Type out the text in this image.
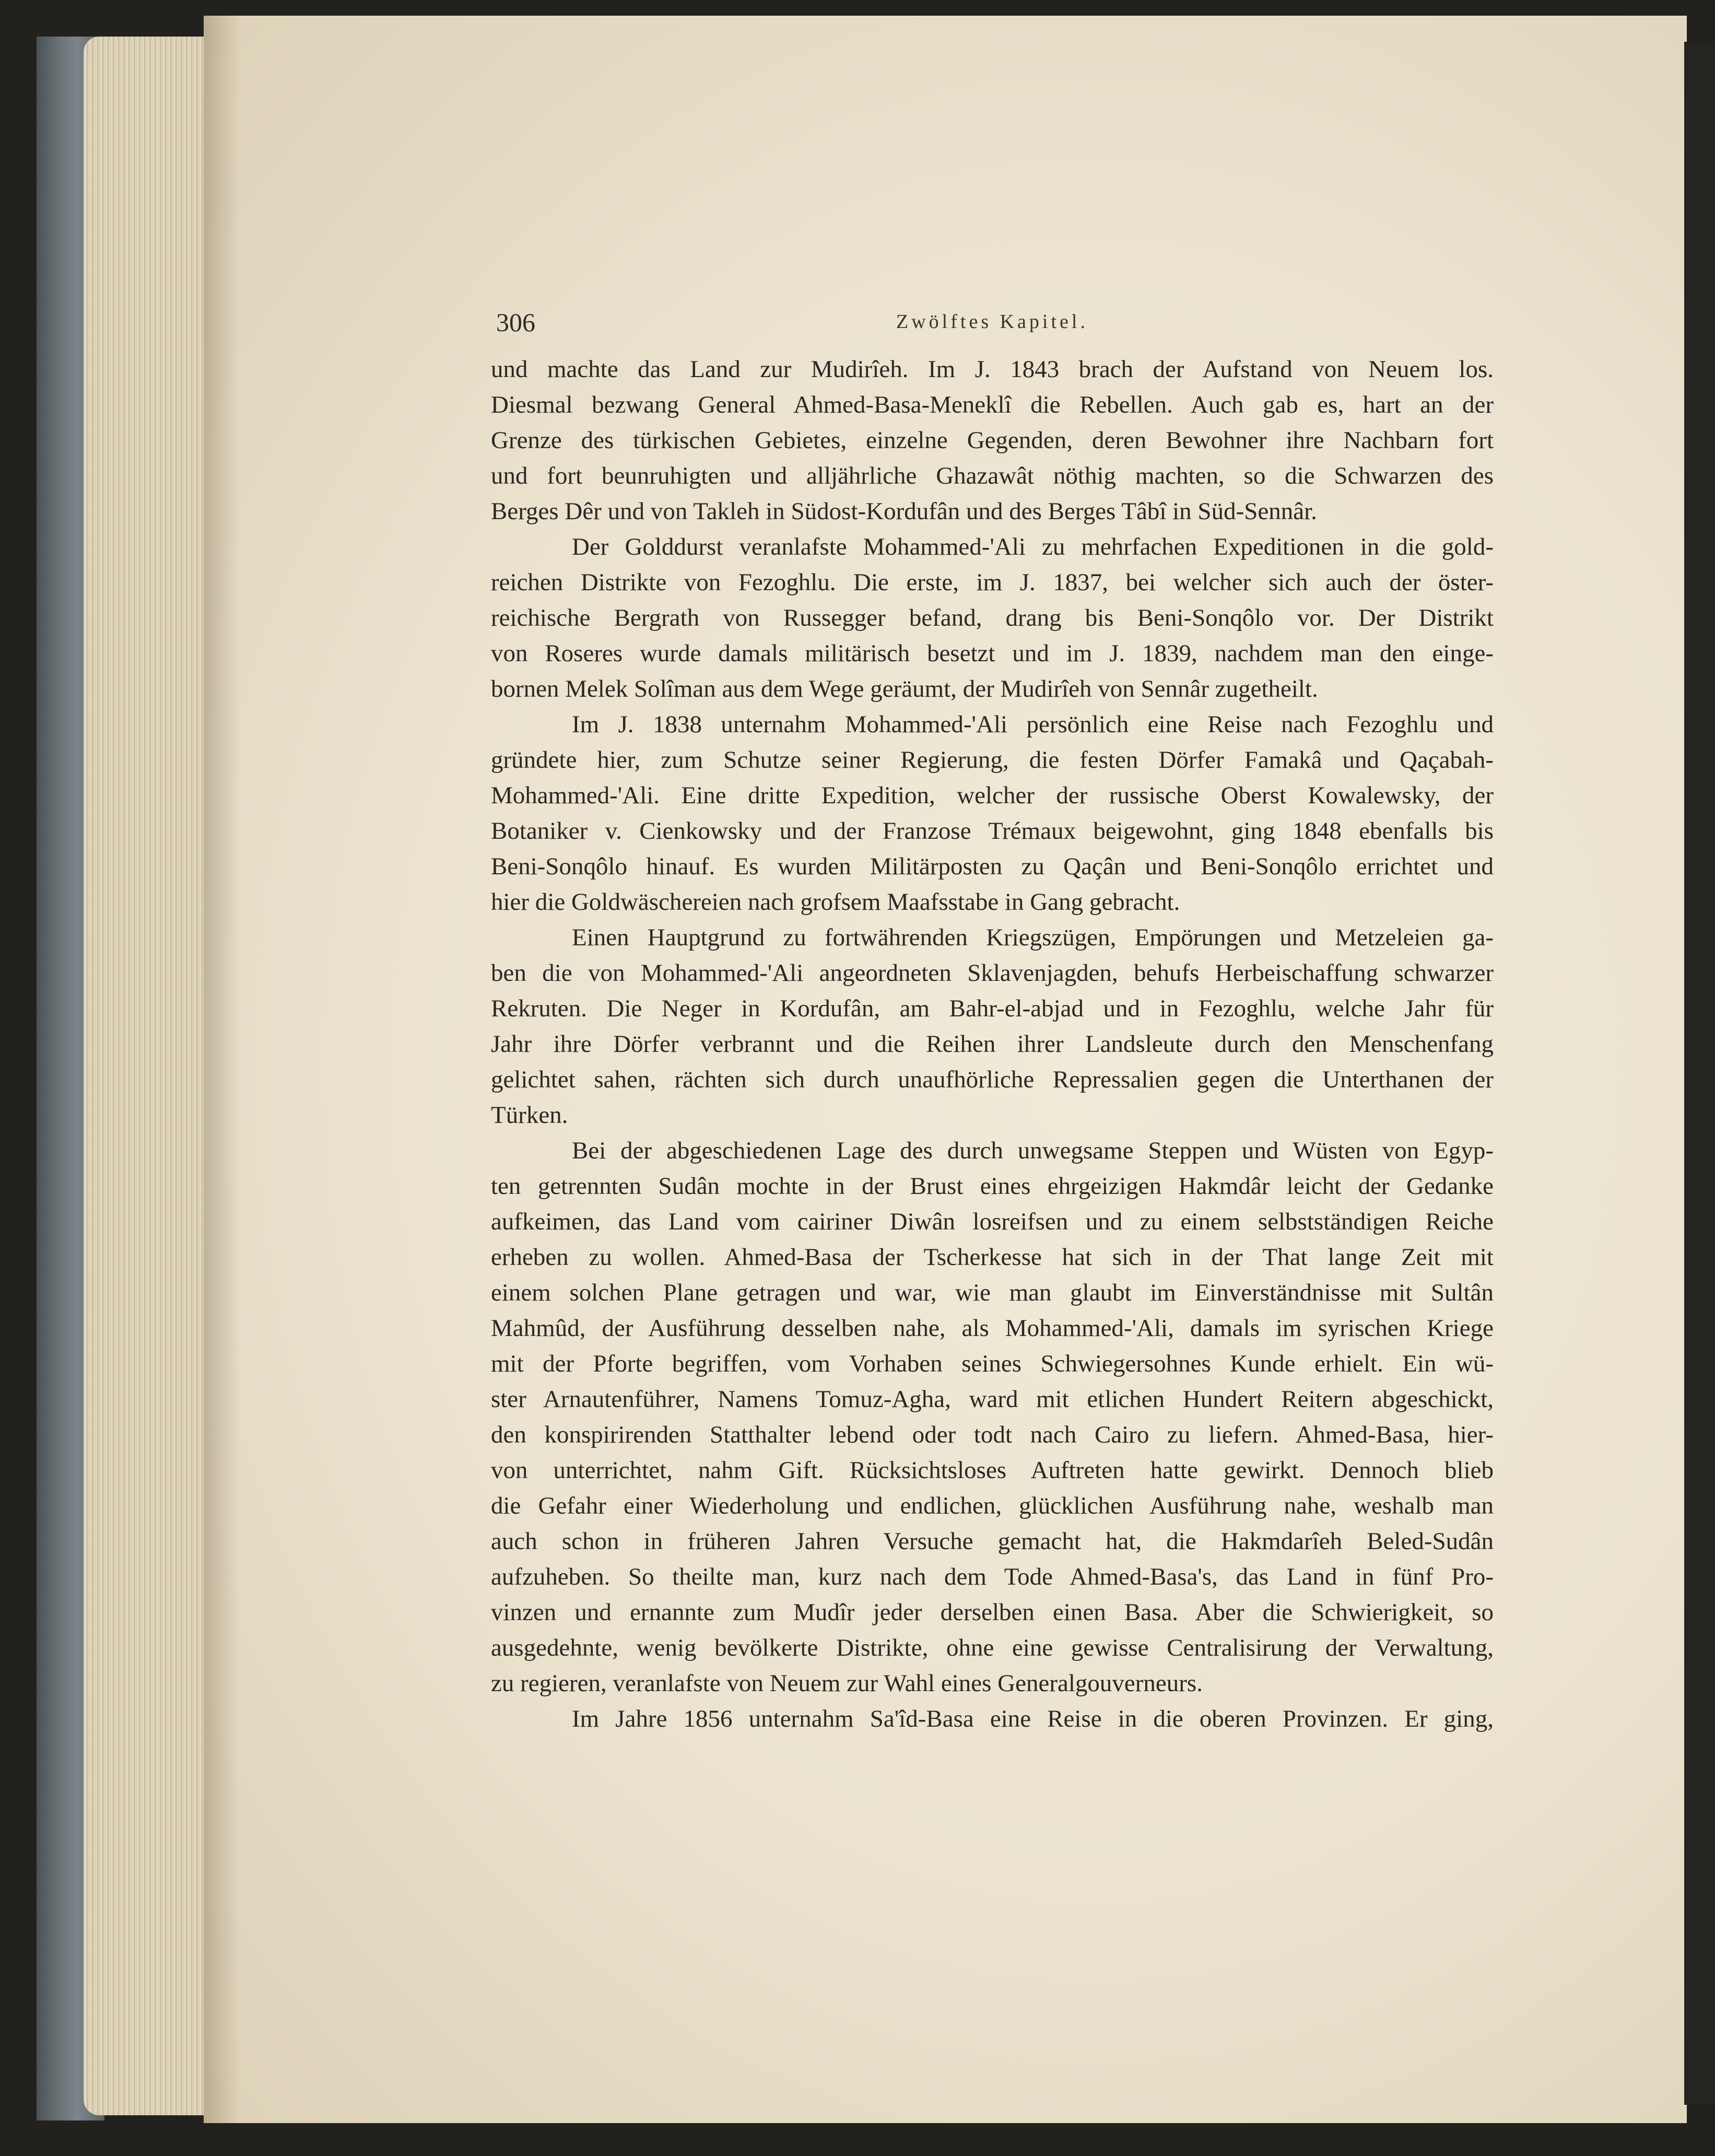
306	Zwölftes Kapitel.
und machte das Land zur Mudirîeh. Im J. 1843 brach der Aufstand von Neuem los.
Diesmal bezwang General Ahmed-Basa-Meneklî die Rebellen. Auch gab es, hart an der
Grenze des türkischen Gebietes, einzelne Gegenden, deren Bewohner ihre Nachbarn fort
und fort beunruhigten und alljährliche Ghazawât nöthig machten, so die Schwarzen des
Berges Dêr und von Takleh in Südost-Kordufân und des Berges Tâbî in Süd-Sennâr.
Der Golddurst veranlafste Mohammed-'Ali zu mehrfachen Expeditionen in die gold-
reichen Distrikte von Fezoghlu. Die erste, im J. 1837, bei welcher sich auch der öster-
reichische Bergrath von Russegger befand, drang bis Beni-Sonqôlo vor. Der Distrikt
von Roseres wurde damals militärisch besetzt und im J. 1839, nachdem man den einge-
bornen Melek Solîman aus dem Wege geräumt, der Mudirîeh von Sennâr zugetheilt.
Im J. 1838 unternahm Mohammed-'Ali persönlich eine Reise nach Fezoghlu und
gründete hier, zum Schutze seiner Regierung, die festen Dörfer Famakâ und Qaçabah-
Mohammed-'Ali. Eine dritte Expedition, welcher der russische Oberst Kowalewsky, der
Botaniker v. Cienkowsky und der Franzose Trémaux beigewohnt, ging 1848 ebenfalls bis
Beni-Sonqôlo hinauf. Es wurden Militärposten zu Qaçân und Beni-Sonqôlo errichtet und
hier die Goldwäschereien nach grofsem Maafsstabe in Gang gebracht.
Einen Hauptgrund zu fortwährenden Kriegszügen, Empörungen und Metzeleien ga-
ben die von Mohammed-'Ali angeordneten Sklavenjagden, behufs Herbeischaffung schwarzer
Rekruten. Die Neger in Kordufân, am Bahr-el-abjad und in Fezoghlu, welche Jahr für
Jahr ihre Dörfer verbrannt und die Reihen ihrer Landsleute durch den Menschenfang
gelichtet sahen, rächten sich durch unaufhörliche Repressalien gegen die Unterthanen der
Türken.
Bei der abgeschiedenen Lage des durch unwegsame Steppen und Wüsten von Egyp-
ten getrennten Sudân mochte in der Brust eines ehrgeizigen Hakmdâr leicht der Gedanke
aufkeimen, das Land vom cairiner Diwân losreifsen und zu einem selbstständigen Reiche
erheben zu wollen. Ahmed-Basa der Tscherkesse hat sich in der That lange Zeit mit
einem solchen Plane getragen und war, wie man glaubt im Einverständnisse mit Sultân
Mahmûd, der Ausführung desselben nahe, als Mohammed-'Ali, damals im syrischen Kriege
mit der Pforte begriffen, vom Vorhaben seines Schwiegersohnes Kunde erhielt. Ein wü-
ster Arnautenführer, Namens Tomuz-Agha, ward mit etlichen Hundert Reitern abgeschickt,
den konspirirenden Statthalter lebend oder todt nach Cairo zu liefern. Ahmed-Basa, hier-
von unterrichtet, nahm Gift. Rücksichtsloses Auftreten hatte gewirkt. Dennoch blieb
die Gefahr einer Wiederholung und endlichen, glücklichen Ausführung nahe, weshalb man
auch schon in früheren Jahren Versuche gemacht hat, die Hakmdarîeh Beled-Sudân
aufzuheben. So theilte man, kurz nach dem Tode Ahmed-Basa's, das Land in fünf Pro-
vinzen und ernannte zum Mudîr jeder derselben einen Basa. Aber die Schwierigkeit, so
ausgedehnte, wenig bevölkerte Distrikte, ohne eine gewisse Centralisirung der Verwaltung,
zu regieren, veranlafste von Neuem zur Wahl eines Generalgouverneurs.
Im Jahre 1856 unternahm Sa'îd-Basa eine Reise in die oberen Provinzen. Er ging,
